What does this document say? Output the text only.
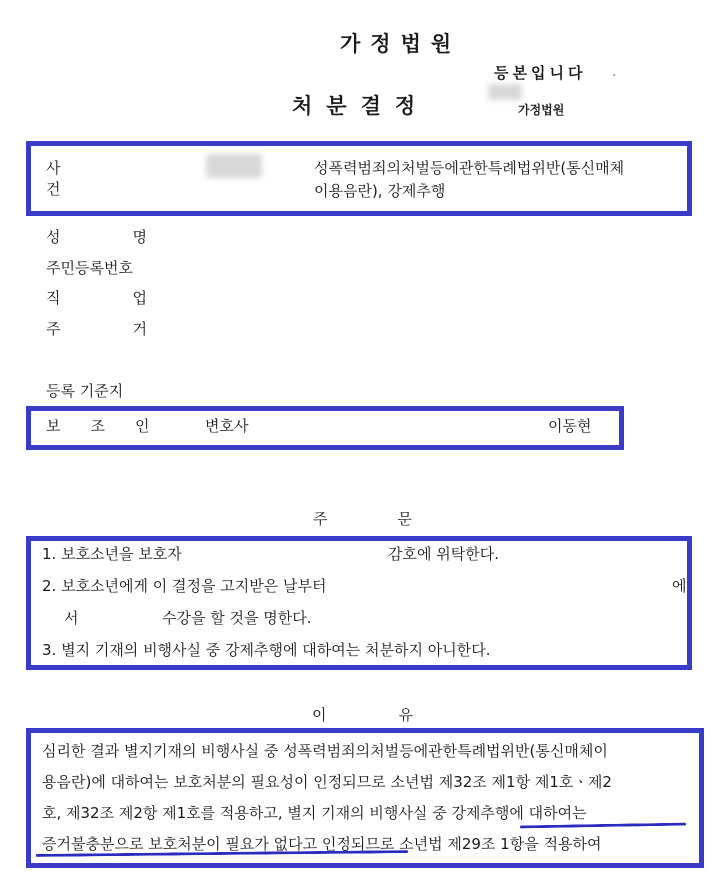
가정법원
등본입니다 .
처분결정	가정법원
사건
성폭력범죄의처벌등에관한특례법위반(통신매체
이용음란), 강제추행
성명
주민등록번호
직업
주거
등록 기준지
보조인 변호사	이동현
주문
1. 보호소년을 보호자	감호에 위탁한다.
2. 보호소년에게 이 결정을 고지받은 날부터	에
서	수강을 할 것을 명한다.
3. 별지 기재의 비행사실 중 강제추행에 대하여는 처분하지 아니한다.
이유
심리한 결과 별지기재의 비행사실 중 성폭력범죄의처벌등에관한특례법위반(통신매체이
용음란)에 대하여는 보호처분의 필요성이 인정되므로 소년법 제32조 제1항 제1호ㆍ제2
호, 제32조 제2항 제1호를 적용하고, 별지 기재의 비행사실 중 강제추행에 대하여는
증거불충분으로 보호처분이 필요가 없다고 인정되므로 소년법 제29조 1항을 적용하여
